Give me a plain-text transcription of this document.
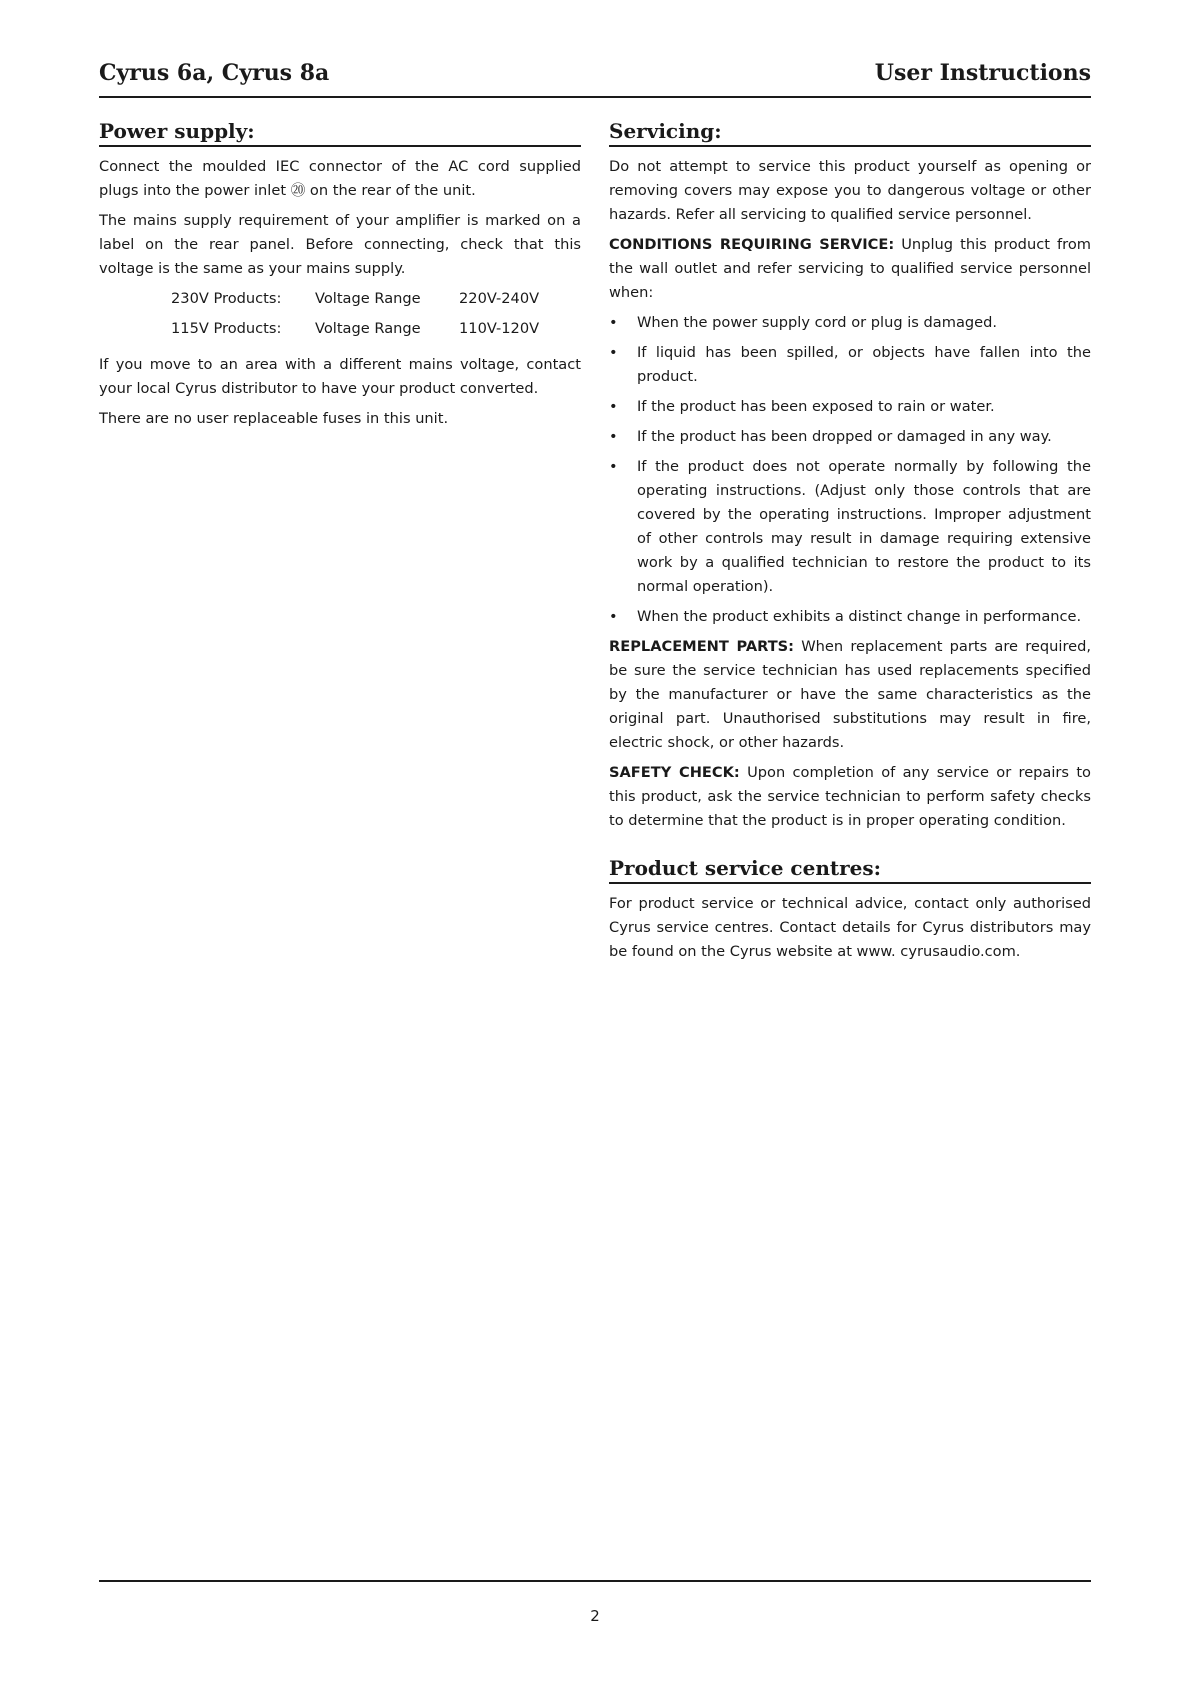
Cyrus 6a, Cyrus 8a	User Instructions
Power supply:

Connect the moulded IEC connector of the AC cord supplied plugs into the power inlet ⑳ on the rear of the unit.

The mains supply requirement of your amplifier is marked on a label on the rear panel. Before connecting, check that this voltage is the same as your mains supply.

230V Products:	Voltage Range	220V-240V
115V Products:	Voltage Range	110V-120V

If you move to an area with a different mains voltage, contact your local Cyrus distributor to have your product converted.

There are no user replaceable fuses in this unit.

Servicing:

Do not attempt to service this product yourself as opening or removing covers may expose you to dangerous voltage or other hazards. Refer all servicing to qualified service personnel.

CONDITIONS REQUIRING SERVICE: Unplug this product from the wall outlet and refer servicing to qualified service personnel when:

• When the power supply cord or plug is damaged.
• If liquid has been spilled, or objects have fallen into the product.
• If the product has been exposed to rain or water.
• If the product has been dropped or damaged in any way.
• If the product does not operate normally by following the operating instructions. (Adjust only those controls that are covered by the operating instructions. Improper adjustment of other controls may result in damage requiring extensive work by a qualified technician to restore the product to its normal operation).
• When the product exhibits a distinct change in performance.

REPLACEMENT PARTS: When replacement parts are required, be sure the service technician has used replacements specified by the manufacturer or have the same characteristics as the original part. Unauthorised substitutions may result in fire, electric shock, or other hazards.

SAFETY CHECK: Upon completion of any service or repairs to this product, ask the service technician to perform safety checks to determine that the product is in proper operating condition.

Product service centres:

For product service or technical advice, contact only authorised Cyrus service centres. Contact details for Cyrus distributors may be found on the Cyrus website at www. cyrusaudio.com.

2
